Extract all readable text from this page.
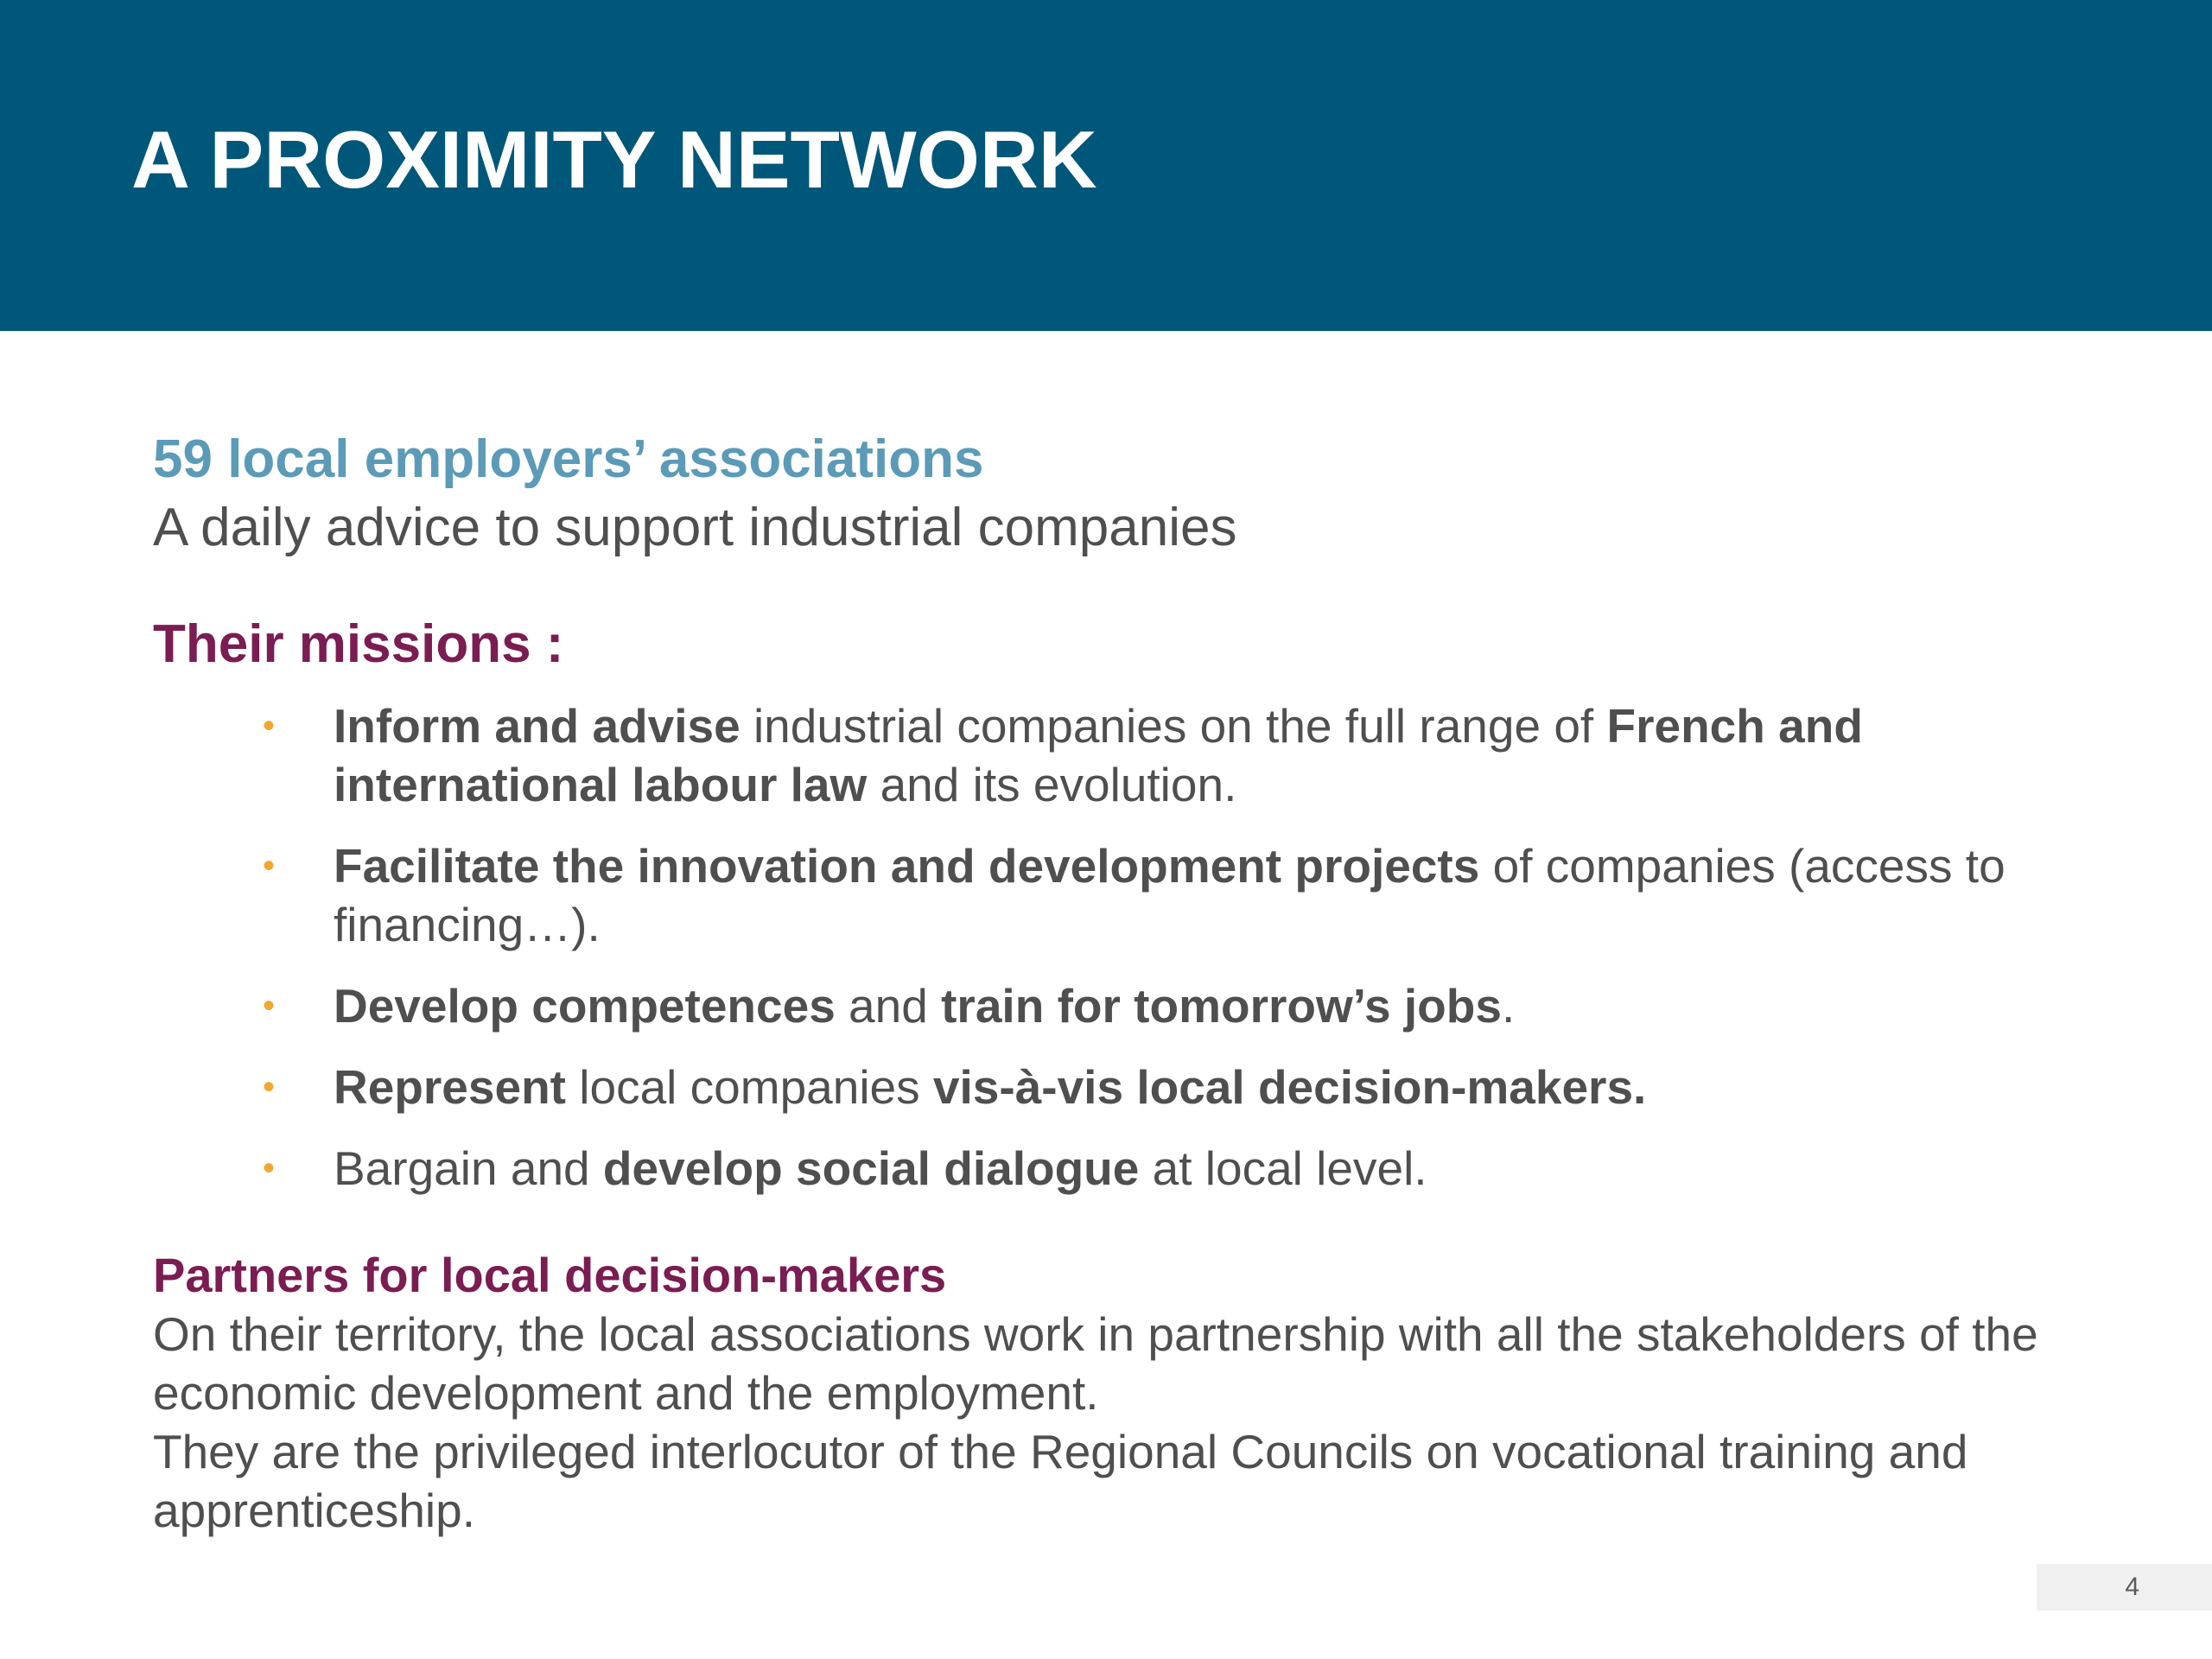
A PROXIMITY NETWORK
59 local employers’ associations

A daily advice to support industrial companies

Their missions :
• Inform and advise industrial companies on the full range of French and international labour law and its evolution.
• Facilitate the innovation and development projects of companies (access to financing…).
• Develop competences and train for tomorrow’s jobs.
• Represent local companies vis-à-vis local decision-makers.
• Bargain and develop social dialogue at local level.
Partners for local decision-makers

On their territory, the local associations work in partnership with all the stakeholders of the economic development and the employment.

They are the privileged interlocutor of the Regional Councils on vocational training and apprenticeship.

4
